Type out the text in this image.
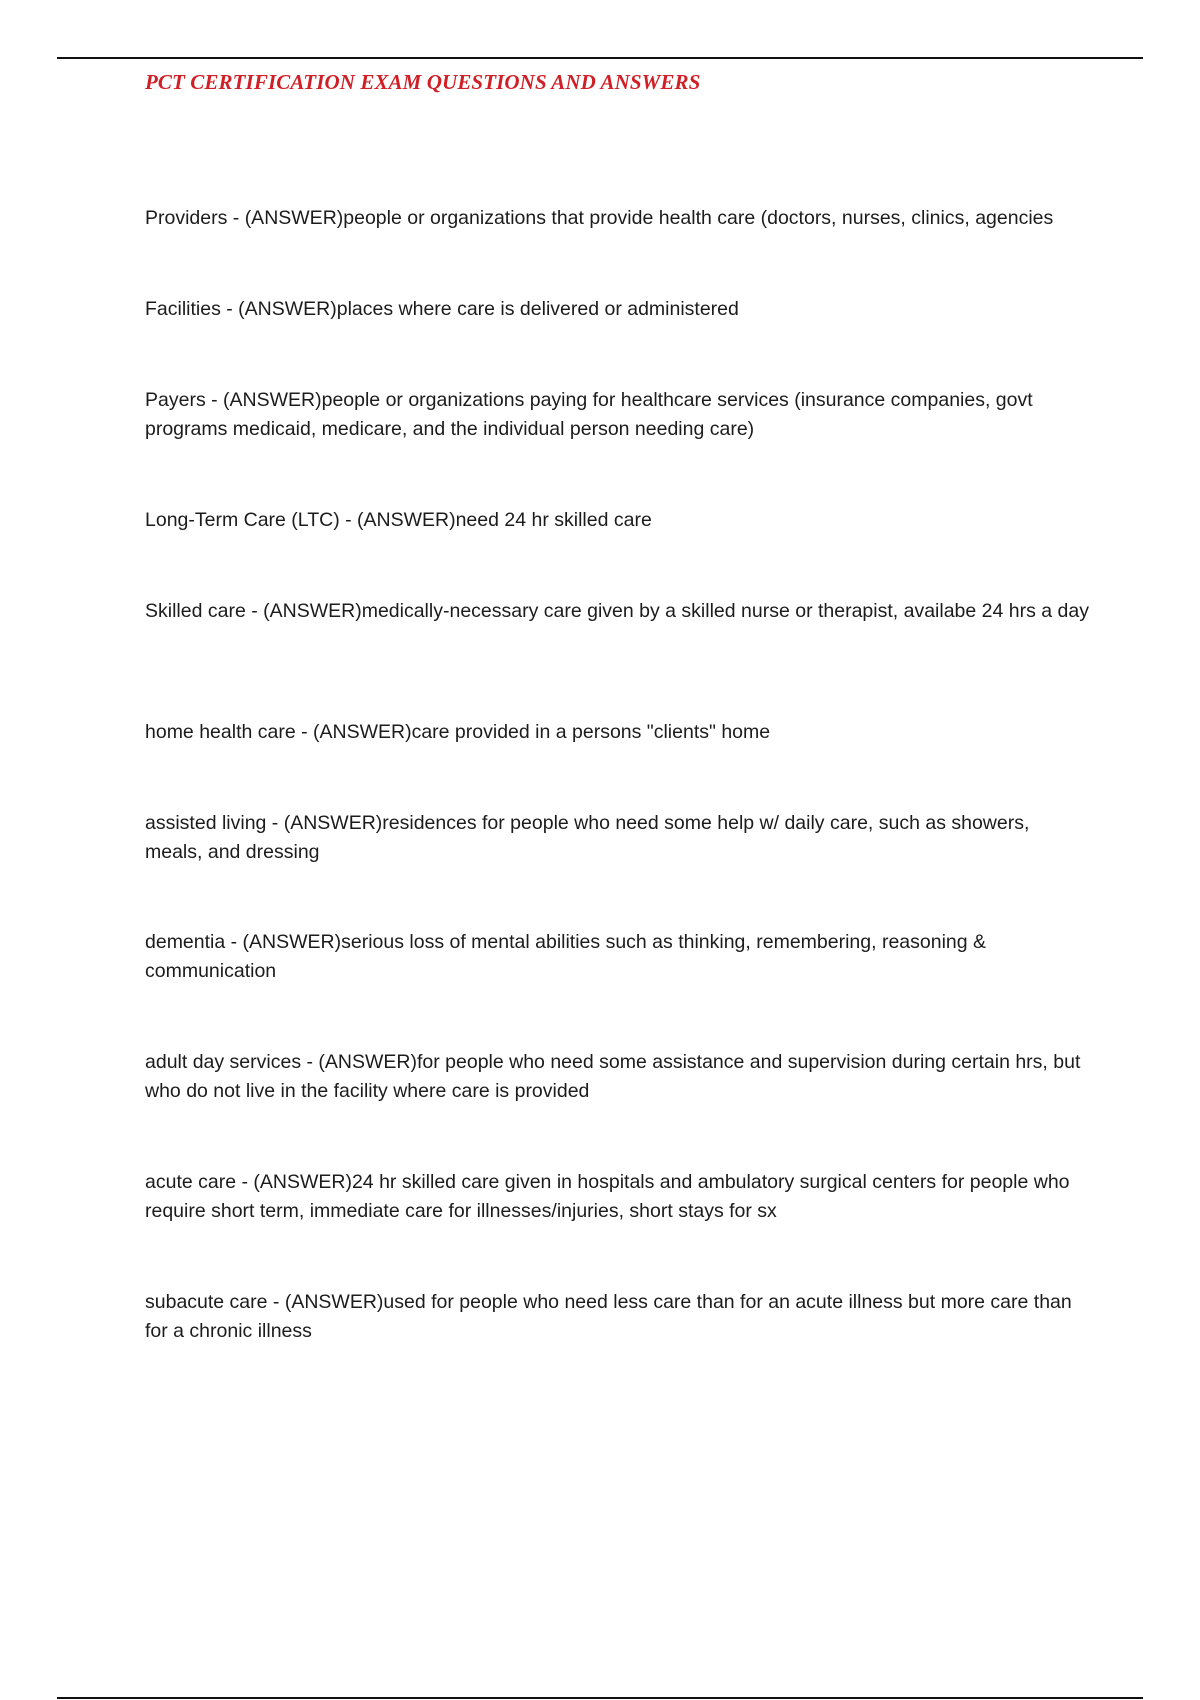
PCT CERTIFICATION EXAM QUESTIONS AND ANSWERS

Providers - (ANSWER)people or organizations that provide health care (doctors, nurses, clinics, agencies

Facilities - (ANSWER)places where care is delivered or administered

Payers - (ANSWER)people or organizations paying for healthcare services (insurance companies, govt programs medicaid, medicare, and the individual person needing care)

Long-Term Care (LTC) - (ANSWER)need 24 hr skilled care

Skilled care - (ANSWER)medically-necessary care given by a skilled nurse or therapist, availabe 24 hrs a day

home health care - (ANSWER)care provided in a persons "clients" home

assisted living - (ANSWER)residences for people who need some help w/ daily care, such as showers, meals, and dressing

dementia - (ANSWER)serious loss of mental abilities such as thinking, remembering, reasoning & communication

adult day services - (ANSWER)for people who need some assistance and supervision during certain hrs, but who do not live in the facility where care is provided

acute care - (ANSWER)24 hr skilled care given in hospitals and ambulatory surgical centers for people who require short term, immediate care for illnesses/injuries, short stays for sx

subacute care - (ANSWER)used for people who need less care than for an acute illness but more care than for a chronic illness
